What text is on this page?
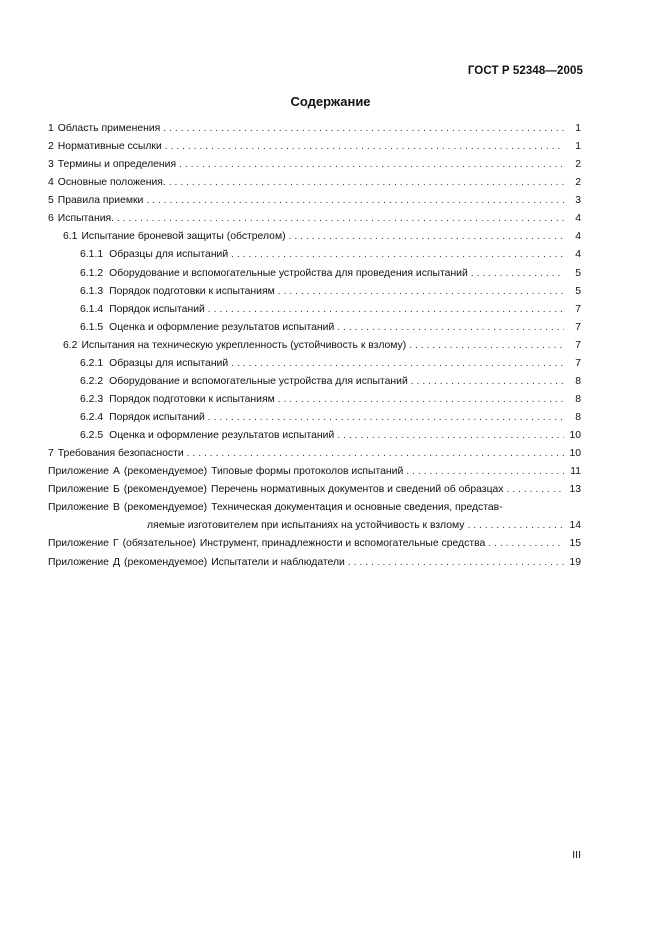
ГОСТ Р 52348—2005
Содержание
1 Область применения . . .	1
2 Нормативные ссылки . . .	1
3 Термины и определения . . .	2
4 Основные положения. . . .	2
5 Правила приемки . . .	3
6 Испытания. . . .	4
6.1 Испытание броневой защиты (обстрелом) . . .	4
6.1.1 Образцы для испытаний . . .	4
6.1.2 Оборудование и вспомогательные устройства для проведения испытаний . . .	5
6.1.3 Порядок подготовки к испытаниям . . .	5
6.1.4 Порядок испытаний . . .	7
6.1.5 Оценка и оформление результатов испытаний . . .	7
6.2 Испытания на техническую укрепленность (устойчивость к взлому) . . .	7
6.2.1 Образцы для испытаний . . .	7
6.2.2 Оборудование и вспомогательные устройства для испытаний . . .	8
6.2.3 Порядок подготовки к испытаниям . . .	8
6.2.4 Порядок испытаний . . .	8
6.2.5 Оценка и оформление результатов испытаний . . .	10
7 Требования безопасности . . .	10
Приложение А (рекомендуемое) Типовые формы протоколов испытаний . . .	11
Приложение Б (рекомендуемое) Перечень нормативных документов и сведений об образцах . . .	13
Приложение В (рекомендуемое) Техническая документация и основные сведения, представ-
ляемые изготовителем при испытаниях на устойчивость к взлому . . .	14
Приложение Г (обязательное) Инструмент, принадлежности и вспомогательные средства . . .	15
Приложение Д (рекомендуемое) Испытатели и наблюдатели . . .	19
III
